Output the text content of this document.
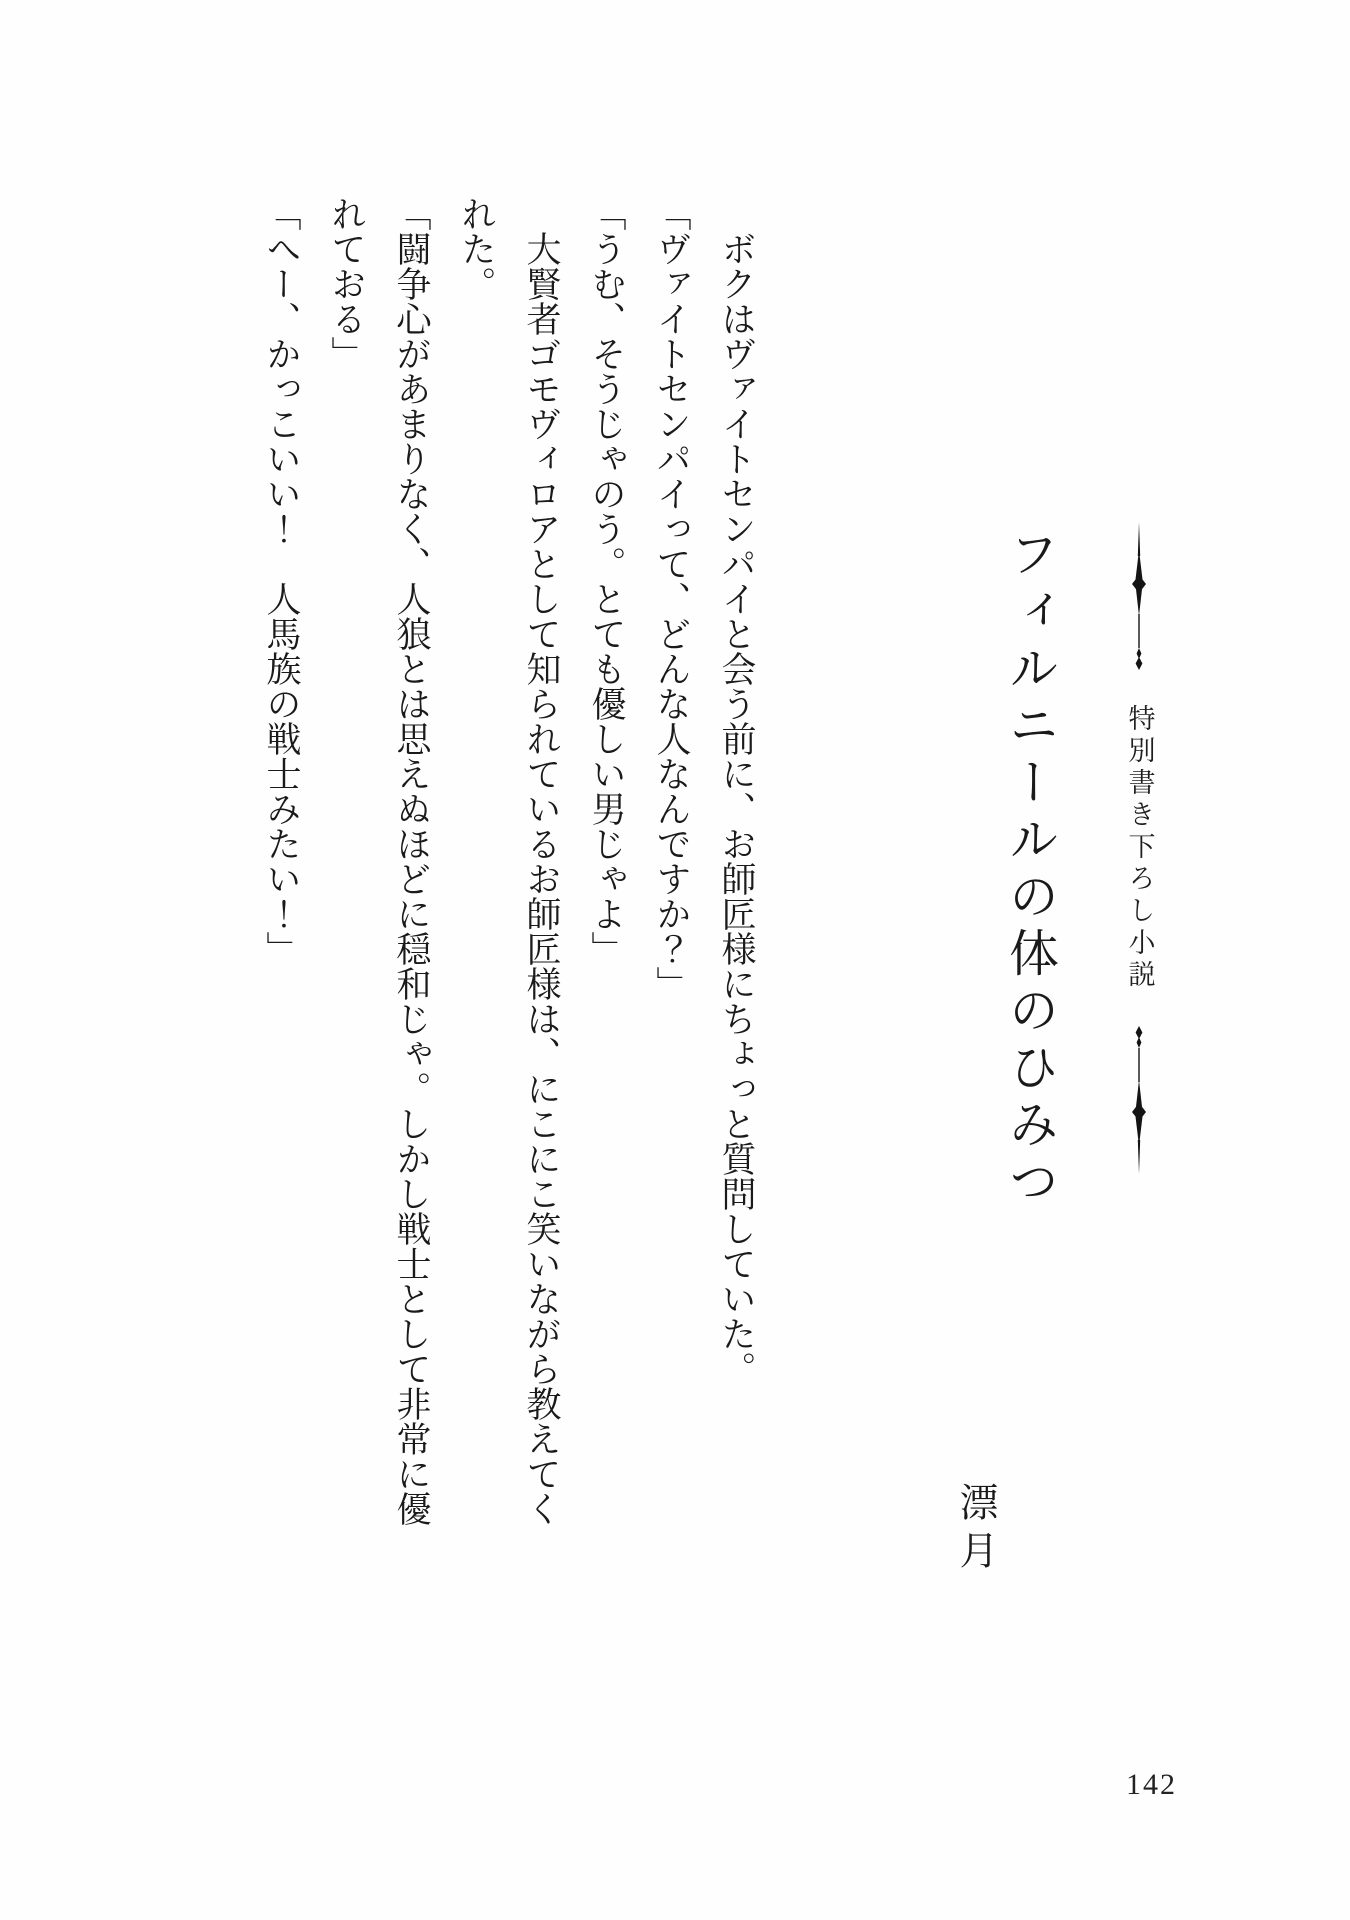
特別書き下ろし小説
フィルニールの体のひみつ
漂月

ボクはヴァイトセンパイと会う前に、お師匠様にちょっと質問していた。

「ヴァイトセンパイって、どんな人なんですか？」

「うむ、そうじゃのう。とても優しい男じゃよ」

大賢者ゴモヴィロアとして知られているお師匠様は、にこにこ笑いながら教えてく

れた。

「闘争心があまりなく、人狼とは思えぬほどに穏和じゃ。しかし戦士として非常に優

れておる」

「へー、かっこいい！　人馬族の戦士みたい！」

142
